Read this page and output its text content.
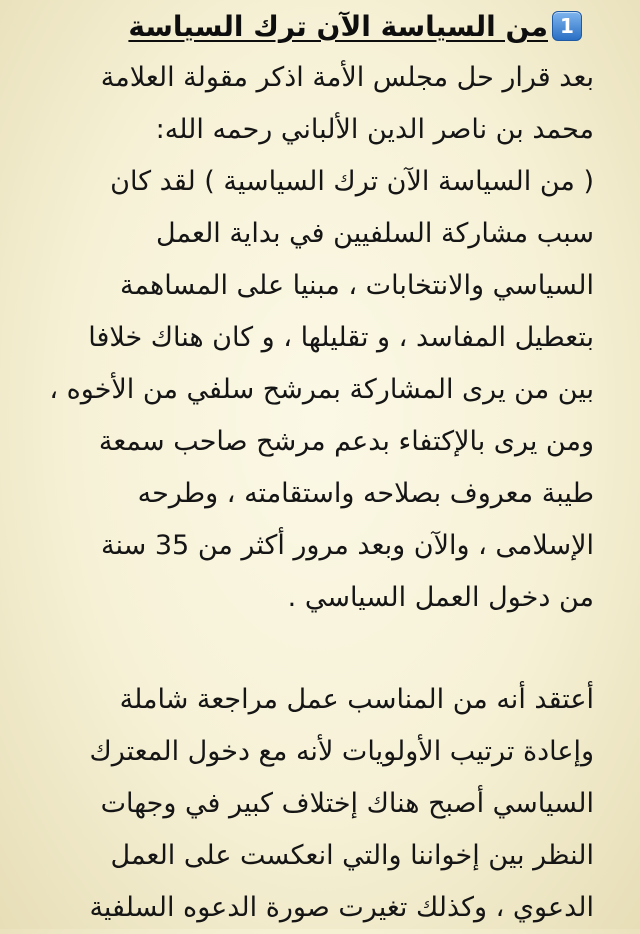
1
من السياسة الآن ترك السياسة
بعد قرار حل مجلس الأمة اذكر مقولة العلامة
محمد بن ناصر الدين الألباني رحمه الله:
( من السياسة الآن ترك السياسية ) لقد كان
سبب مشاركة السلفيين في بداية العمل
السياسي والانتخابات ، مبنيا على المساهمة
بتعطيل المفاسد ، و تقليلها ، و كان هناك خلافا
بين من يرى المشاركة بمرشح سلفي من الأخوه ،
ومن يرى بالإكتفاء بدعم مرشح صاحب سمعة
طيبة معروف بصلاحه واستقامته ، وطرحه
الإسلامى ، والآن وبعد مرور أكثر من 35 سنة
من دخول العمل السياسي .
أعتقد أنه من المناسب عمل مراجعة شاملة
وإعادة ترتيب الأولويات لأنه مع دخول المعترك
السياسي أصبح هناك إختلاف كبير في وجهات
النظر بين إخواننا والتي انعكست على العمل
الدعوي ، وكذلك تغيرت صورة الدعوه السلفية
